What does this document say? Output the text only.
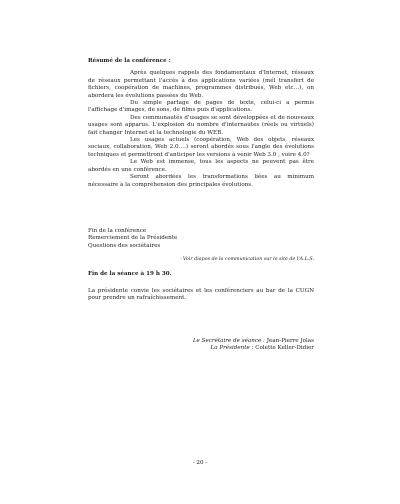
Résumé de la conférence :

Après quelques rappels des fondamentaux d'Internet, réseaux de réseaux permettant l'accès à des applications variées (mél transfert de fichiers, coopération de machines, programmes distribués, Web etc…), on abordera les évolutions passées du Web.

Du simple partage de pages de texte, celui-ci a permis l'affichage d'images, de sons, de films puis d'applications.

Des communautés d'usages se sont développées et de nouveaux usages sont apparus. L'explosion du nombre d'internautes (réels ou virtuels) fait changer Internet et la technologie du WEB.

Les usages actuels (coopération, Web des objets, réseaux sociaux, collaboration, Web 2.0….) seront abordés sous l'angle des évolutions techniques et permettront d'anticiper les versions à venir Web 3.0 , voire 4.0?

Le Web est immense, tous les aspects ne peuvent pas être abordés en une conférence.

Seront abordées les transformations liées au minimum nécessaire à la compréhension des principales évolutions.

Fin de la conférence
Remerciement de la Présidente
Questions des sociétaires
- Voir diapos de la communication sur le site de l'A.L.S.
Fin de la séance à 19 h 30.
La présidente convie les sociétaires et les conférenciers au bar de la CUGN pour prendre un rafraîchissement.
Le Secrétaire de séance : Jean-Pierre Jolas
La Présidente : Colette Keller-Didier
- 20 -
